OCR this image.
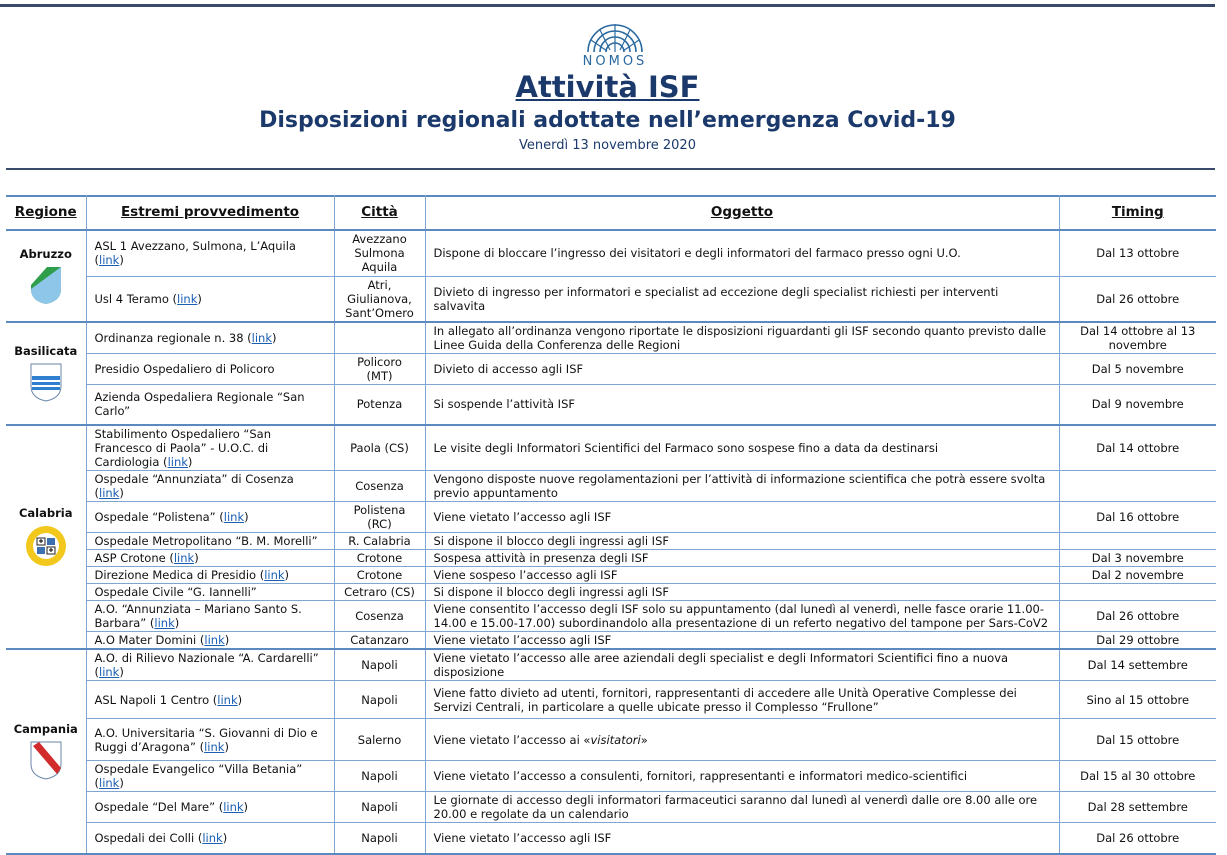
NOMOS
Attività ISF
Disposizioni regionali adottate nell’emergenza Covid-19
Venerdì 13 novembre 2020
Regione	Estremi provvedimento	Città	Oggetto	Timing

Abruzzo	ASL 1 Avezzano, Sulmona, L’Aquila (link)	Avezzano Sulmona Aquila	Dispone di bloccare l’ingresso dei visitatori e degli informatori del farmaco presso ogni U.O.	Dal 13 ottobre
	Usl 4 Teramo (link)	Atri, Giulianova, Sant’Omero	Divieto di ingresso per informatori e specialist ad eccezione degli specialist richiesti per interventi salvavita	Dal 26 ottobre

Basilicata	Ordinanza regionale n. 38 (link)		In allegato all’ordinanza vengono riportate le disposizioni riguardanti gli ISF secondo quanto previsto dalle Linee Guida della Conferenza delle Regioni	Dal 14 ottobre al 13 novembre
	Presidio Ospedaliero di Policoro	Policoro (MT)	Divieto di accesso agli ISF	Dal 5 novembre
	Azienda Ospedaliera Regionale “San Carlo”	Potenza	Si sospende l’attività ISF	Dal 9 novembre

Calabria	Stabilimento Ospedaliero “San Francesco di Paola” - U.O.C. di Cardiologia (link)	Paola (CS)	Le visite degli Informatori Scientifici del Farmaco sono sospese fino a data da destinarsi	Dal 14 ottobre
	Ospedale “Annunziata” di Cosenza (link)	Cosenza	Vengono disposte nuove regolamentazioni per l’attività di informazione scientifica che potrà essere svolta previo appuntamento	
	Ospedale “Polistena” (link)	Polistena (RC)	Viene vietato l’accesso agli ISF	Dal 16 ottobre
	Ospedale Metropolitano “B. M. Morelli”	R. Calabria	Si dispone il blocco degli ingressi agli ISF	
	ASP Crotone (link)	Crotone	Sospesa attività in presenza degli ISF	Dal 3 novembre
	Direzione Medica di Presidio (link)	Crotone	Viene sospeso l’accesso agli ISF	Dal 2 novembre
	Ospedale Civile “G. Iannelli”	Cetraro (CS)	Si dispone il blocco degli ingressi agli ISF	
	A.O. “Annunziata – Mariano Santo S. Barbara” (link)	Cosenza	Viene consentito l’accesso degli ISF solo su appuntamento (dal lunedì al venerdì, nelle fasce orarie 11.00-14.00 e 15.00-17.00) subordinandolo alla presentazione di un referto negativo del tampone per Sars-CoV2	Dal 26 ottobre
	A.O Mater Domini (link)	Catanzaro	Viene vietato l’accesso agli ISF	Dal 29 ottobre

Campania	A.O. di Rilievo Nazionale “A. Cardarelli” (link)	Napoli	Viene vietato l’accesso alle aree aziendali degli specialist e degli Informatori Scientifici fino a nuova disposizione	Dal 14 settembre
	ASL Napoli 1 Centro (link)	Napoli	Viene fatto divieto ad utenti, fornitori, rappresentanti di accedere alle Unità Operative Complesse dei Servizi Centrali, in particolare a quelle ubicate presso il Complesso “Frullone”	Sino al 15 ottobre
	A.O. Universitaria “S. Giovanni di Dio e Ruggi d’Aragona” (link)	Salerno	Viene vietato l’accesso ai «visitatori»	Dal 15 ottobre
	Ospedale Evangelico “Villa Betania” (link)	Napoli	Viene vietato l’accesso a consulenti, fornitori, rappresentanti e informatori medico-scientifici	Dal 15 al 30 ottobre
	Ospedale “Del Mare” (link)	Napoli	Le giornate di accesso degli informatori farmaceutici saranno dal lunedì al venerdì dalle ore 8.00 alle ore 20.00 e regolate da un calendario	Dal 28 settembre
	Ospedali dei Colli (link)	Napoli	Viene vietato l’accesso agli ISF	Dal 26 ottobre
